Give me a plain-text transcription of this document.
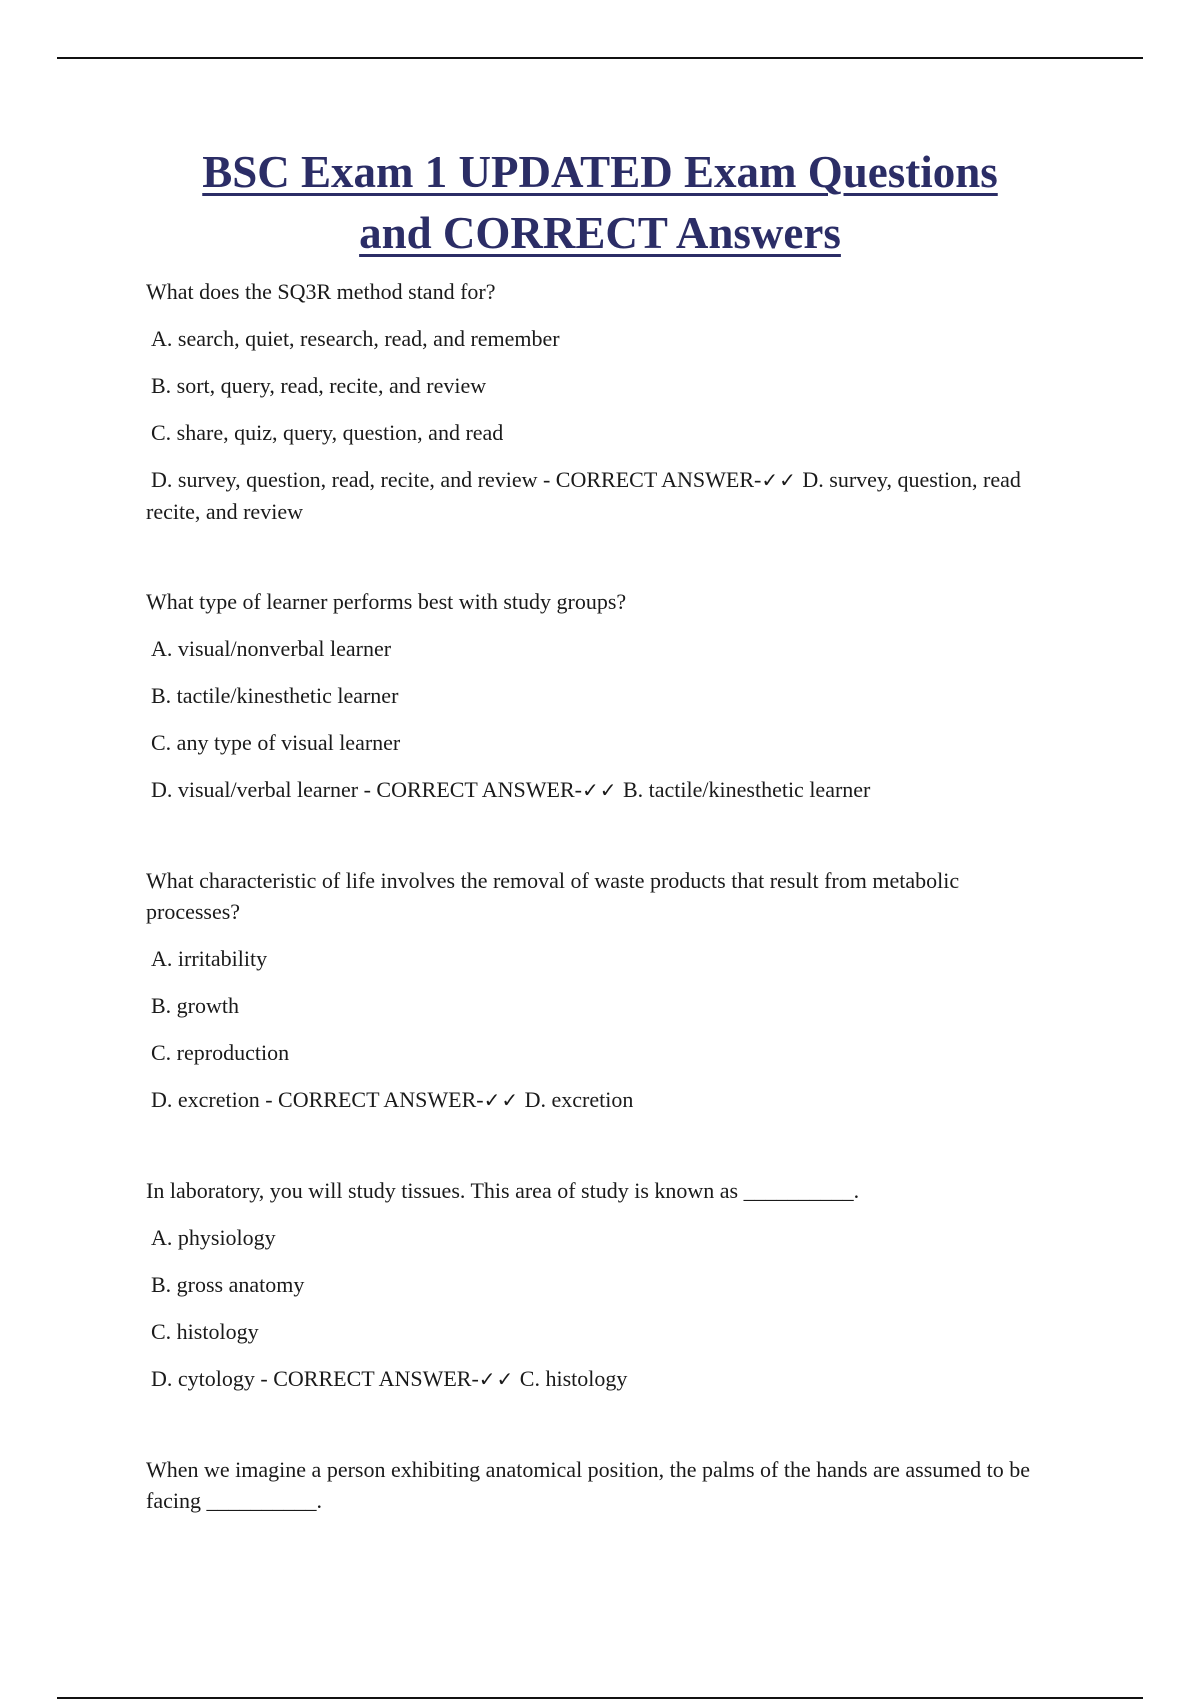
BSC Exam 1 UPDATED Exam Questions
and CORRECT Answers

What does the SQ3R method stand for?

A. search, quiet, research, read, and remember

B. sort, query, read, recite, and review

C. share, quiz, query, question, and read

D. survey, question, read, recite, and review - CORRECT ANSWER-✓✓ D. survey, question, read recite, and review

What type of learner performs best with study groups?

A. visual/nonverbal learner

B. tactile/kinesthetic learner

C. any type of visual learner

D. visual/verbal learner - CORRECT ANSWER-✓✓ B. tactile/kinesthetic learner

What characteristic of life involves the removal of waste products that result from metabolic processes?

A. irritability

B. growth

C. reproduction

D. excretion - CORRECT ANSWER-✓✓ D. excretion

In laboratory, you will study tissues. This area of study is known as __________.

A. physiology

B. gross anatomy

C. histology

D. cytology - CORRECT ANSWER-✓✓ C. histology

When we imagine a person exhibiting anatomical position, the palms of the hands are assumed to be facing __________.
